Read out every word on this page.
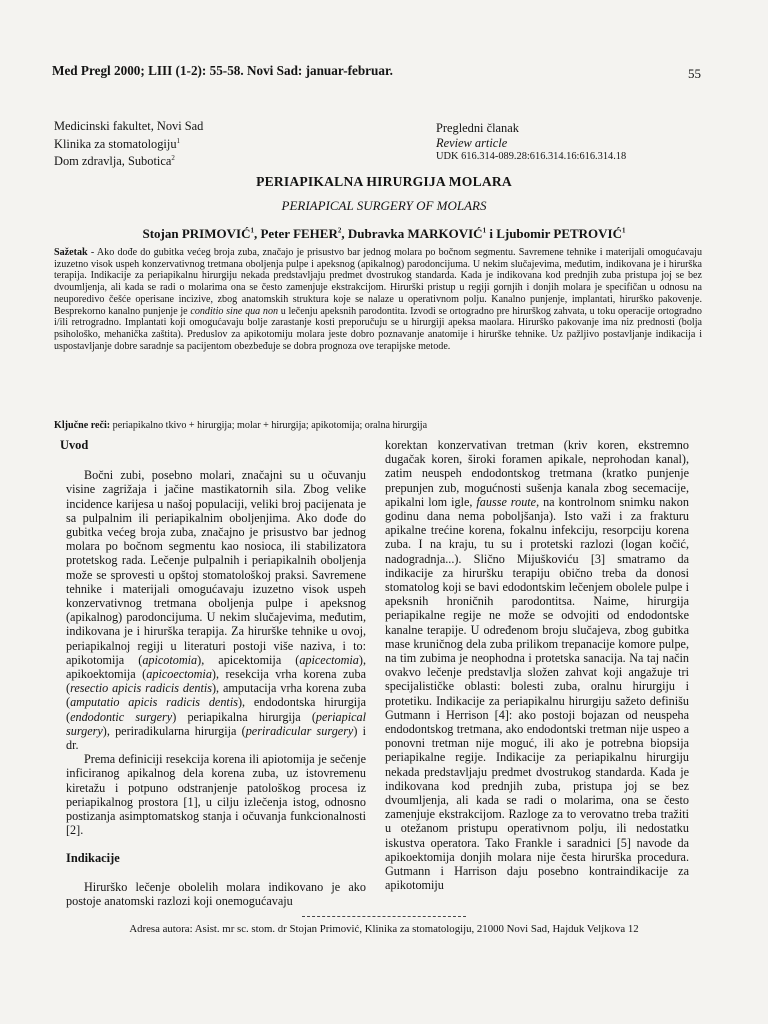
Med Pregl 2000; LIII (1-2): 55-58. Novi Sad: januar-februar.	55
Medicinski fakultet, Novi Sad
Klinika za stomatologiju$^1$
Dom zdravlja, Subotica$^2$
Pregledni članak
Review article
UDK 616.314-089.28:616.314.16:616.314.18
PERIAPIKALNA HIRURGIJA MOLARA
PERIAPICAL SURGERY OF MOLARS
Stojan PRIMOVIĆ$^1$, Peter FEHER$^2$, Dubravka MARKOVIĆ$^1$ i Ljubomir PETROVIĆ$^1$
Sažetak - Ako dođe do gubitka većeg broja zuba, značajo je prisustvo bar jednog molara po bočnom segmentu. Savremene tehnike i materijali omogućavaju izuzetno visok uspeh konzervativnog tretmana oboljenja pulpe i apeksnog (apikalnog) parodoncijuma. U nekim slučajevima, međutim, indikovana je i hirurška terapija. Indikacije za periapikalnu hirurgiju nekada predstavljaju predmet dvostrukog standarda. Kada je indikovana kod prednjih zuba pristupa joj se bez dvoumljenja, ali kada se radi o molarima ona se često zamenjuje ekstrakcijom. Hirurški pristup u regiji gornjih i donjih molara je specifičan u odnosu na neuporedivo češće operisane incizive, zbog anatomskih struktura koje se nalaze u operativnom polju. Kanalno punjenje, implantati, hirurško pakovenje. Besprekorno kanalno punjenje je conditio sine qua non u lečenju apeksnih parodontita. Izvodi se ortogradno pre hirurškog zahvata, u toku operacije ortogradno i/ili retrogradno. Implantati koji omogućavaju bolje zarastanje kosti preporučuju se u hirurgiji apeksa maolara. Hirurško pakovanje ima niz prednosti (bolja psihološko, mehanička zaštita). Preduslov za apikotomiju molara jeste dobro poznavanje anatomije i hirurške tehnike. Uz pažljivo postavljanje indikacija i uspostavljanje dobre saradnje sa pacijentom obezbeđuje se dobra prognoza ove terapijske metode.
Ključne reči: periapikalno tkivo + hirurgija; molar + hirurgija; apikotomija; oralna hirurgija
Uvod

Bočni zubi, posebno molari, značajni su u očuvanju visine zagrižaja i jačine mastikatornih sila. Zbog velike incidence karijesa u našoj populaciji, veliki broj pacijenata je sa pulpalnim ili periapikalnim oboljenjima. Ako dođe do gubitka većeg broja zuba, značajno je prisustvo bar jednog molara po bočnom segmentu kao nosioca, ili stabilizatora protetskog rada. Lečenje pulpalnih i periapikalnih oboljenja može se sprovesti u opštoj stomatološkoj praksi. Savremene tehnike i materijali omogućavaju izuzetno visok uspeh konzervativnog tretmana oboljenja pulpe i apeksnog (apikalnog) parodoncijuma. U nekim slučajevima, međutim, indikovana je i hirurška terapija. Za hirurške tehnike u ovoj, periapikalnoj regiji u literaturi postoji više naziva, i to: apikotomija (apicotomia), apicektomija (apicectomia), apikoektomija (apicoectomia), resekcija vrha korena zuba (resectio apicis radicis dentis), amputacija vrha korena zuba (amputatio apicis radicis dentis), endodontska hirurgija (endodontic surgery) periapikalna hirurgija (periapical surgery), periradikularna hirurgija (periradicular surgery) i dr.

Prema definiciji resekcija korena ili apiotomija je sečenje inficiranog apikalnog dela korena zuba, uz istovremenu kiretažu i potpuno odstranjenje patološkog procesa iz periapikalnog prostora [1], u cilju izlečenja istog, odnosno postizanja asimptomatskog stanja i očuvanja funkcionalnosti [2].

Indikacije

Hirurško lečenje obolelih molara indikovano je ako postoje anatomski razlozi koji onemogućavaju

korektan konzervativan tretman (kriv koren, ekstremno dugačak koren, široki foramen apikale, neprohodan kanal), zatim neuspeh endodontskog tretmana (kratko punjenje prepunjen zub, mogućnosti sušenja kanala zbog secemacije, apikalni lom igle, fausse route, na kontrolnom snimku nakon godinu dana nema poboljšanja). Isto važi i za frakturu apikalne trećine korena, fokalnu infekciju, resorpciju korena zuba. I na kraju, tu su i protetski razlozi (logan kočić, nadogradnja...). Slično Mijuškoviću [3] smatramo da indikacije za hiruršku terapiju obično treba da donosi stomatolog koji se bavi edodontskim lečenjem obolele pulpe i apeksnih hroničnih parodontitsa. Naime, hirurgija periapikalne regije ne može se odvojiti od endodontske kanalne terapije. U određenom broju slučajeva, zbog gubitka mase kruničnog dela zuba prilikom trepanacije komore pulpe, na tim zubima je neophodna i protetska sanacija. Na taj način ovakvo lečenje predstavlja složen zahvat koji angažuje tri specijalističke oblasti: bolesti zuba, oralnu hirurgiju i protetiku. Indikacije za periapikalnu hirurgiju sažeto definišu Gutmann i Herrison [4]: ako postoji bojazan od neuspeha endodontskog tretmana, ako endodontski tretman nije uspeo a ponovni tretman nije moguć, ili ako je potrebna biopsija periapikalne regije. Indikacije za periapikalnu hirurgiju nekada predstavljaju predmet dvostrukog standarda. Kada je indikovana kod prednjih zuba, pristupa joj se bez dvoumljenja, ali kada se radi o molarima, ona se često zamenjuje ekstrakcijom. Razloge za to verovatno treba tražiti u otežanom pristupu operativnom polju, ili nedostatku iskustva operatora. Tako Frankle i saradnici [5] navode da apikoektomija donjih molara nije česta hirurška procedura. Gutmann i Harrison daju posebno kontraindikacije za apikotomiju

Adresa autora: Asist. mr sc. stom. dr Stojan Primović, Klinika za stomatologiju, 21000 Novi Sad, Hajduk Veljkova 12
